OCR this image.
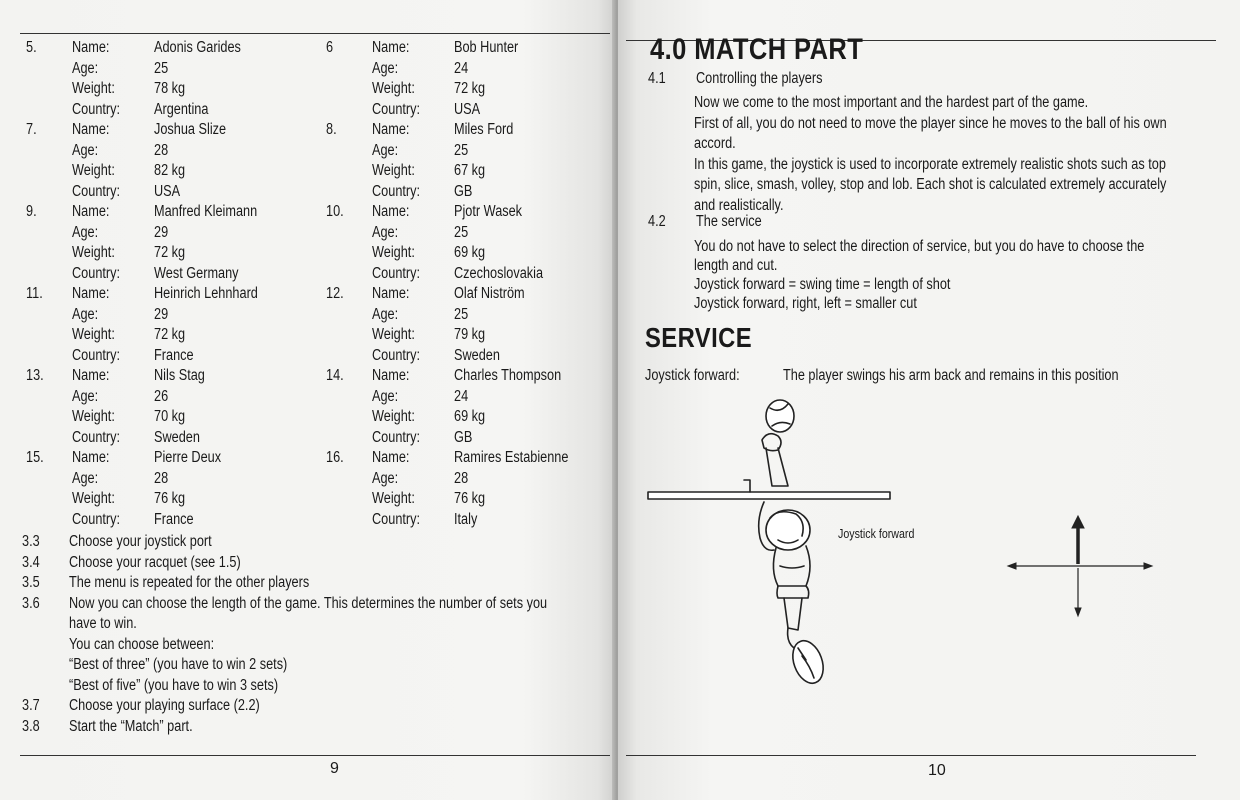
5. Name:	Adonis Garides
Age:	25
Weight:	78 kg
Country: Argentina
6	Name:	Bob Hunter
Age:	24
Weight:	72 kg
Country: USA
7. Name:	Joshua Slize
Age:	28
Weight:	82 kg
Country: USA
8. Name:	Miles Ford
Age:	25
Weight:	67 kg
Country: GB
9. Name:	Manfred Kleimann
Age:	29
Weight:	72 kg
Country: West Germany
10. Name:	Pjotr Wasek
Age:	25
Weight:	69 kg
Country: Czechoslovakia
11. Name:	Heinrich Lehnhard
Age:	29
Weight:	72 kg
Country: France
12. Name:	Olaf Niström
Age:	25
Weight:	79 kg
Country: Sweden
13. Name:	Nils Stag
Age:	26
Weight:	70 kg
Country: Sweden
14. Name:	Charles Thompson
Age:	24
Weight:	69 kg
Country: GB
15. Name:	Pierre Deux
Age:	28
Weight:	76 kg
Country: France
16. Name:	Ramires Estabienne
Age:	28
Weight:	76 kg
Country: Italy
3.3 Choose your joystick port
3.4 Choose your racquet (see 1.5)
3.5 The menu is repeated for the other players
3.6 Now you can choose the length of the game. This determines the number of sets you
have to win.
You can choose between:
“Best of three” (you have to win 2 sets)
“Best of five” (you have to win 3 sets)
3.7 Choose your playing surface (2.2)
3.8 Start the “Match” part.
9
4.0 MATCH PART
4.1 Controlling the players
Now we come to the most important and the hardest part of the game.
First of all, you do not need to move the player since he moves to the ball of his own
accord.
In this game, the joystick is used to incorporate extremely realistic shots such as top
spin, slice, smash, volley, stop and lob. Each shot is calculated extremely accurately
and realistically.
4.2 The service
You do not have to select the direction of service, but you do have to choose the
length and cut.
Joystick forward = swing time = length of shot
Joystick forward, right, left = smaller cut
SERVICE
Joystick forward:	The player swings his arm back and remains in this position
Joystick forward
10
